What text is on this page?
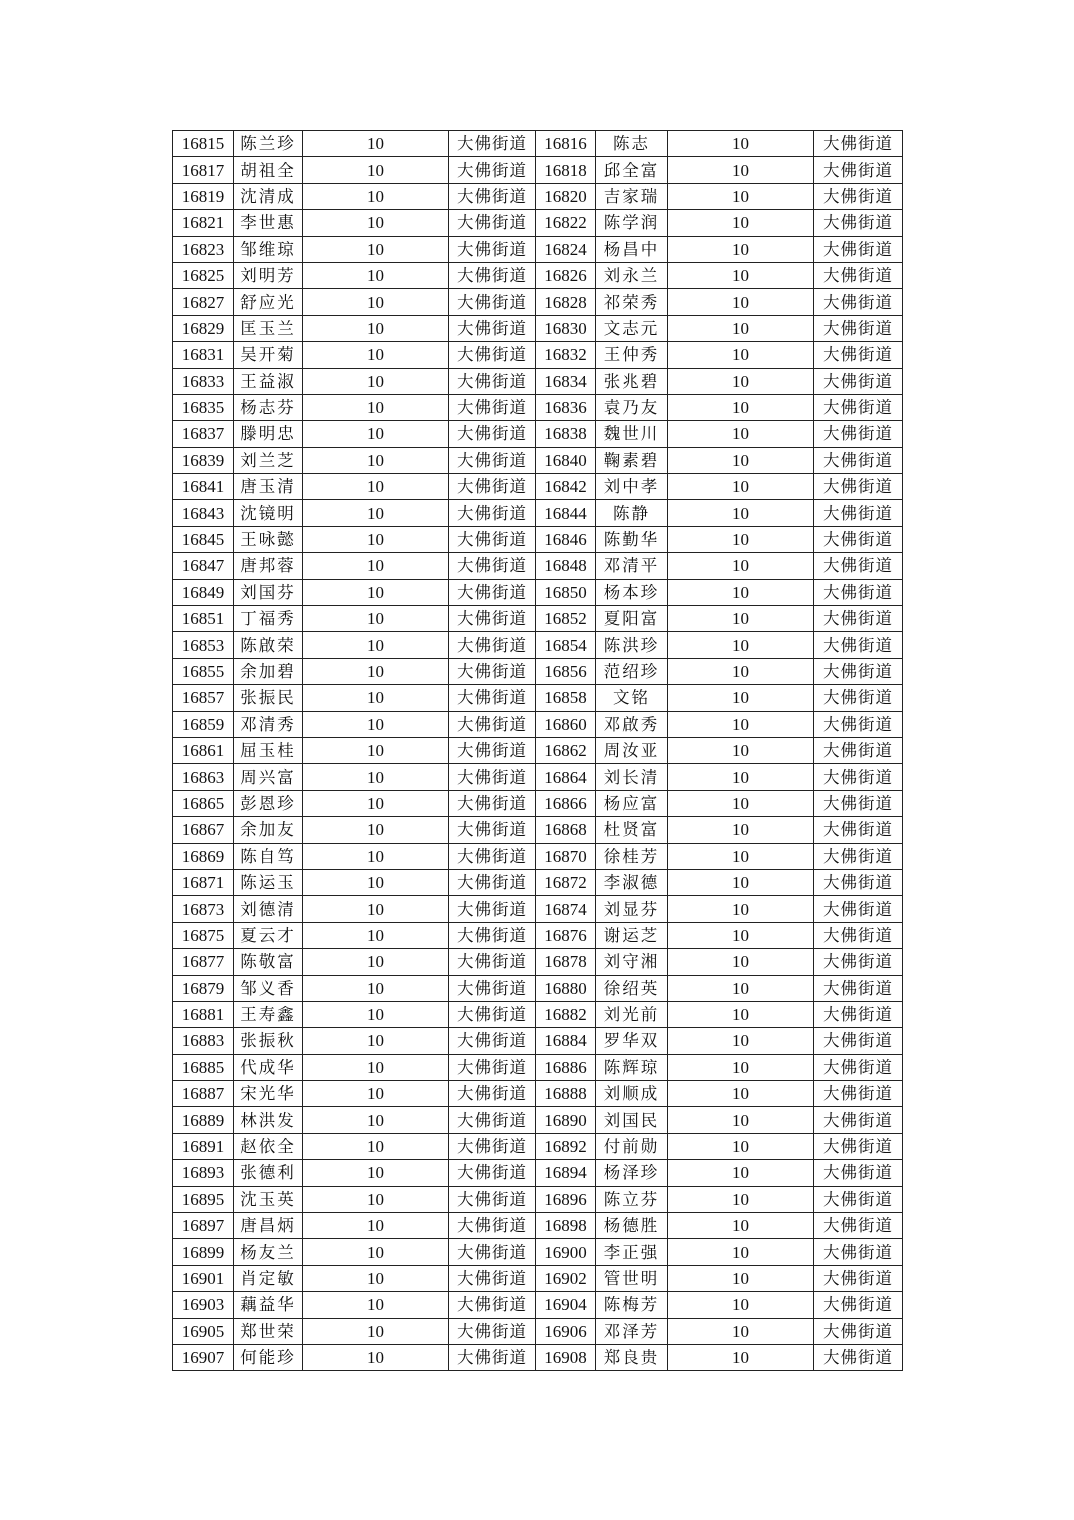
16815	陈兰珍	10	大佛街道	16816	陈志	10	大佛街道
16817	胡祖全	10	大佛街道	16818	邱全富	10	大佛街道
16819	沈清成	10	大佛街道	16820	吉家瑞	10	大佛街道
16821	李世惠	10	大佛街道	16822	陈学润	10	大佛街道
16823	邹维琼	10	大佛街道	16824	杨昌中	10	大佛街道
16825	刘明芳	10	大佛街道	16826	刘永兰	10	大佛街道
16827	舒应光	10	大佛街道	16828	祁荣秀	10	大佛街道
16829	匡玉兰	10	大佛街道	16830	文志元	10	大佛街道
16831	吴开菊	10	大佛街道	16832	王仲秀	10	大佛街道
16833	王益淑	10	大佛街道	16834	张兆碧	10	大佛街道
16835	杨志芬	10	大佛街道	16836	袁乃友	10	大佛街道
16837	滕明忠	10	大佛街道	16838	魏世川	10	大佛街道
16839	刘兰芝	10	大佛街道	16840	鞠素碧	10	大佛街道
16841	唐玉清	10	大佛街道	16842	刘中孝	10	大佛街道
16843	沈镜明	10	大佛街道	16844	陈静	10	大佛街道
16845	王咏懿	10	大佛街道	16846	陈勤华	10	大佛街道
16847	唐邦蓉	10	大佛街道	16848	邓清平	10	大佛街道
16849	刘国芬	10	大佛街道	16850	杨本珍	10	大佛街道
16851	丁福秀	10	大佛街道	16852	夏阳富	10	大佛街道
16853	陈啟荣	10	大佛街道	16854	陈洪珍	10	大佛街道
16855	余加碧	10	大佛街道	16856	范绍珍	10	大佛街道
16857	张振民	10	大佛街道	16858	文铭	10	大佛街道
16859	邓清秀	10	大佛街道	16860	邓啟秀	10	大佛街道
16861	屈玉桂	10	大佛街道	16862	周汝亚	10	大佛街道
16863	周兴富	10	大佛街道	16864	刘长清	10	大佛街道
16865	彭恩珍	10	大佛街道	16866	杨应富	10	大佛街道
16867	余加友	10	大佛街道	16868	杜贤富	10	大佛街道
16869	陈自笃	10	大佛街道	16870	徐桂芳	10	大佛街道
16871	陈运玉	10	大佛街道	16872	李淑德	10	大佛街道
16873	刘德清	10	大佛街道	16874	刘显芬	10	大佛街道
16875	夏云才	10	大佛街道	16876	谢运芝	10	大佛街道
16877	陈敬富	10	大佛街道	16878	刘守湘	10	大佛街道
16879	邹义香	10	大佛街道	16880	徐绍英	10	大佛街道
16881	王寿鑫	10	大佛街道	16882	刘光前	10	大佛街道
16883	张振秋	10	大佛街道	16884	罗华双	10	大佛街道
16885	代成华	10	大佛街道	16886	陈辉琼	10	大佛街道
16887	宋光华	10	大佛街道	16888	刘顺成	10	大佛街道
16889	林洪发	10	大佛街道	16890	刘国民	10	大佛街道
16891	赵依全	10	大佛街道	16892	付前勋	10	大佛街道
16893	张德利	10	大佛街道	16894	杨泽珍	10	大佛街道
16895	沈玉英	10	大佛街道	16896	陈立芬	10	大佛街道
16897	唐昌炳	10	大佛街道	16898	杨德胜	10	大佛街道
16899	杨友兰	10	大佛街道	16900	李正强	10	大佛街道
16901	肖定敏	10	大佛街道	16902	管世明	10	大佛街道
16903	藕益华	10	大佛街道	16904	陈梅芳	10	大佛街道
16905	郑世荣	10	大佛街道	16906	邓泽芳	10	大佛街道
16907	何能珍	10	大佛街道	16908	郑良贵	10	大佛街道
